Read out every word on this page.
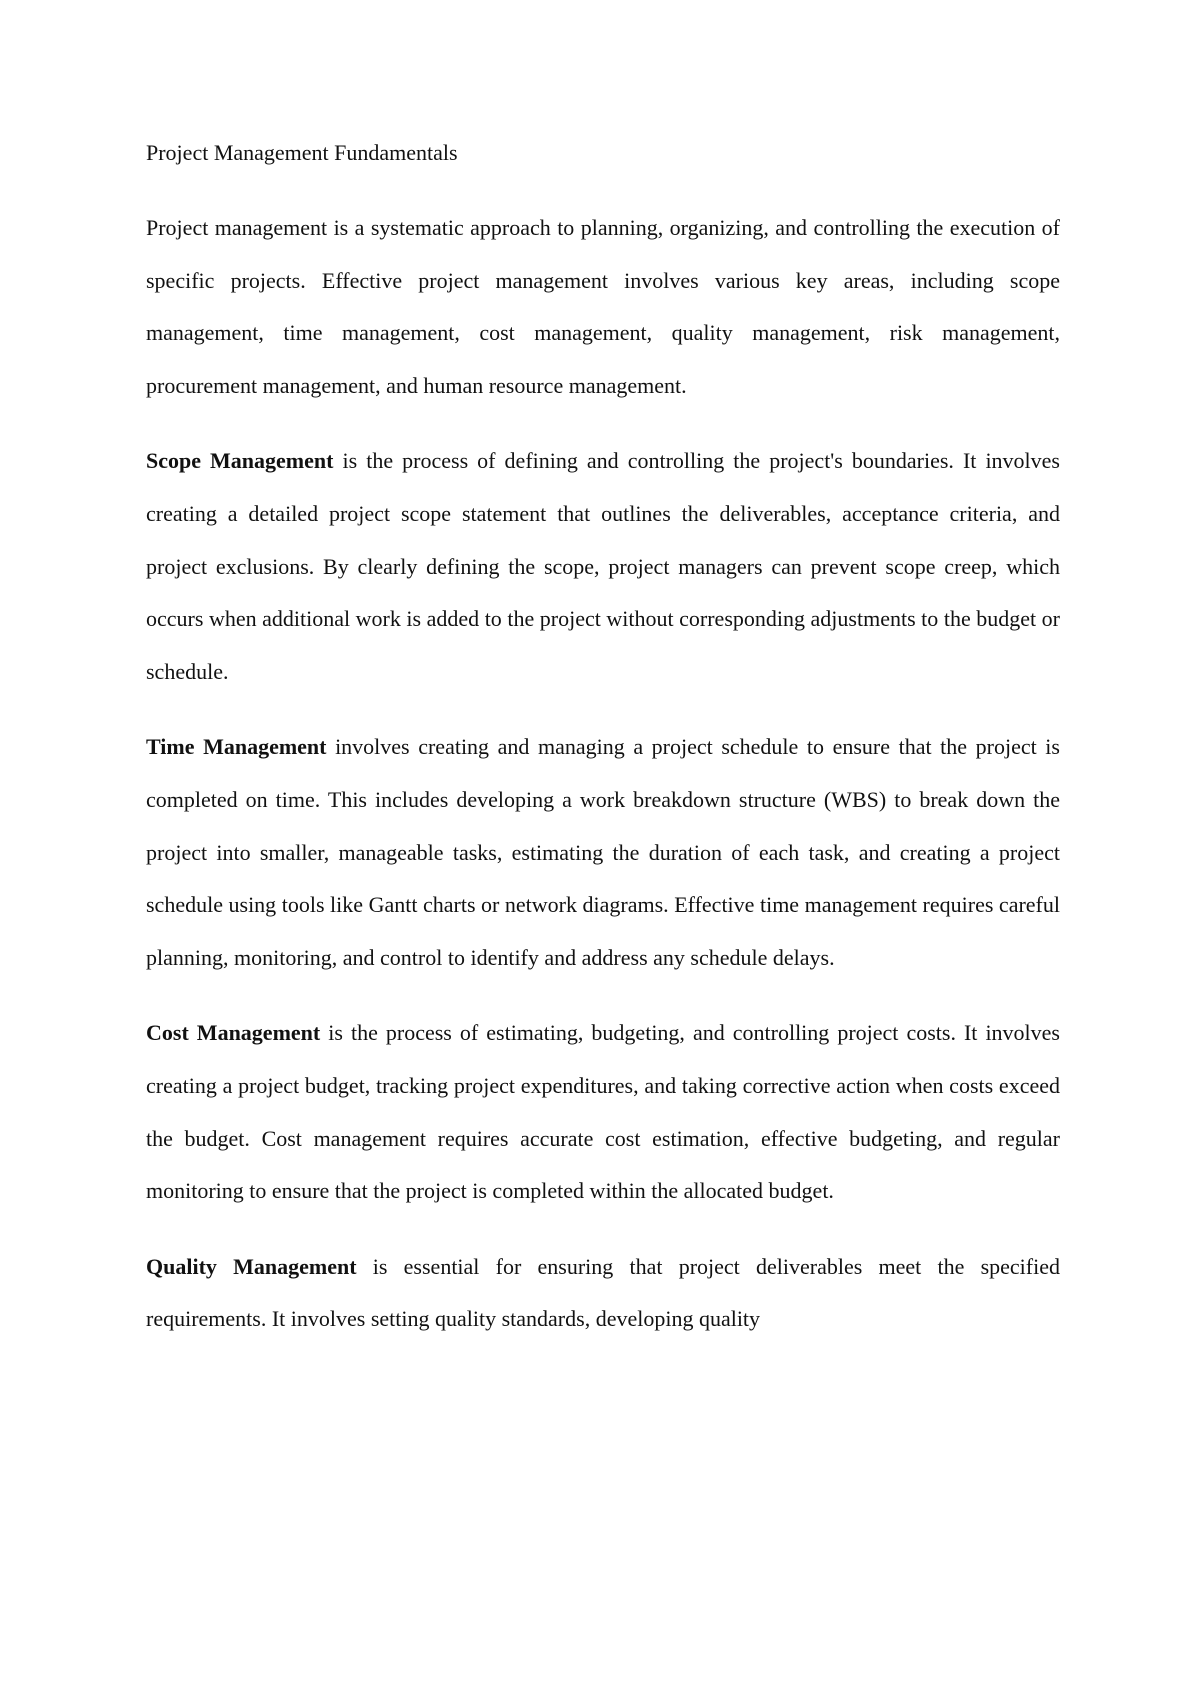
Project Management Fundamentals

Project management is a systematic approach to planning, organizing, and controlling the execution of specific projects. Effective project management involves various key areas, including scope management, time management, cost management, quality management, risk management, procurement management, and human resource management.

Scope Management is the process of defining and controlling the project's boundaries. It involves creating a detailed project scope statement that outlines the deliverables, acceptance criteria, and project exclusions. By clearly defining the scope, project managers can prevent scope creep, which occurs when additional work is added to the project without corresponding adjustments to the budget or schedule.

Time Management involves creating and managing a project schedule to ensure that the project is completed on time. This includes developing a work breakdown structure (WBS) to break down the project into smaller, manageable tasks, estimating the duration of each task, and creating a project schedule using tools like Gantt charts or network diagrams. Effective time management requires careful planning, monitoring, and control to identify and address any schedule delays.

Cost Management is the process of estimating, budgeting, and controlling project costs. It involves creating a project budget, tracking project expenditures, and taking corrective action when costs exceed the budget. Cost management requires accurate cost estimation, effective budgeting, and regular monitoring to ensure that the project is completed within the allocated budget.

Quality Management is essential for ensuring that project deliverables meet the specified requirements. It involves setting quality standards, developing quality
